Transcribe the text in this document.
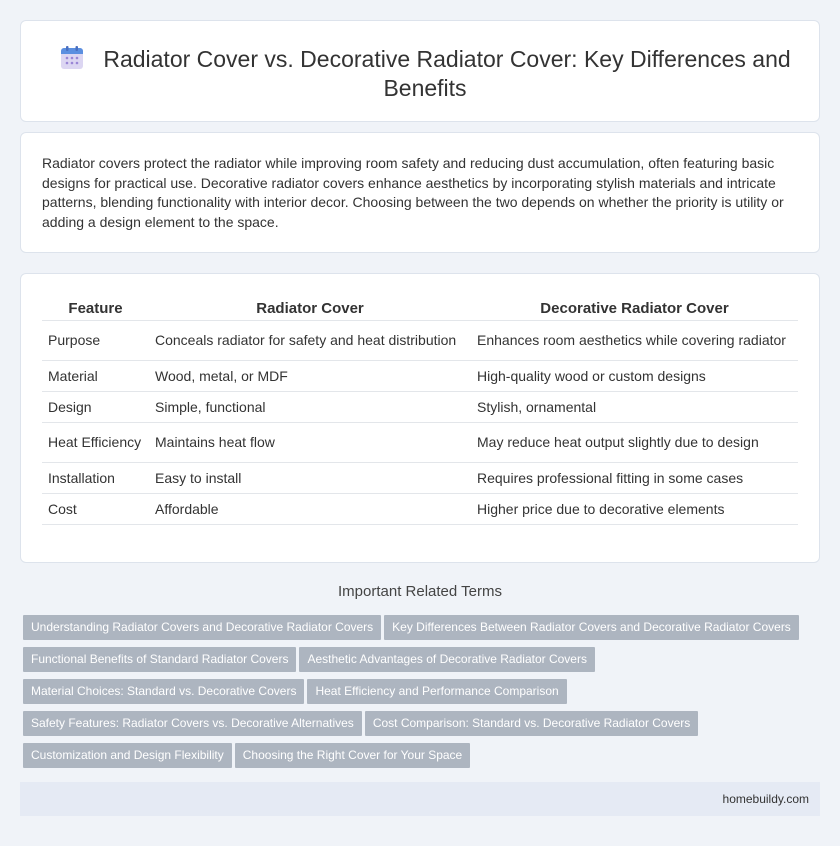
Radiator Cover vs. Decorative Radiator Cover: Key Differences and Benefits

Radiator covers protect the radiator while improving room safety and reducing dust accumulation, often featuring basic designs for practical use. Decorative radiator covers enhance aesthetics by incorporating stylish materials and intricate patterns, blending functionality with interior decor. Choosing between the two depends on whether the priority is utility or adding a design element to the space.

Feature	Radiator Cover	Decorative Radiator Cover
Purpose	Conceals radiator for safety and heat distribution	Enhances room aesthetics while covering radiator
Material	Wood, metal, or MDF	High-quality wood or custom designs
Design	Simple, functional	Stylish, ornamental
Heat Efficiency	Maintains heat flow	May reduce heat output slightly due to design
Installation	Easy to install	Requires professional fitting in some cases
Cost	Affordable	Higher price due to decorative elements
Important Related Terms
Understanding Radiator Covers and Decorative Radiator Covers Key Differences Between Radiator Covers and Decorative Radiator Covers
Functional Benefits of Standard Radiator Covers Aesthetic Advantages of Decorative Radiator Covers
Material Choices: Standard vs. Decorative Covers Heat Efficiency and Performance Comparison
Safety Features: Radiator Covers vs. Decorative Alternatives Cost Comparison: Standard vs. Decorative Radiator Covers
Customization and Design Flexibility Choosing the Right Cover for Your Space
homebuildy.com
